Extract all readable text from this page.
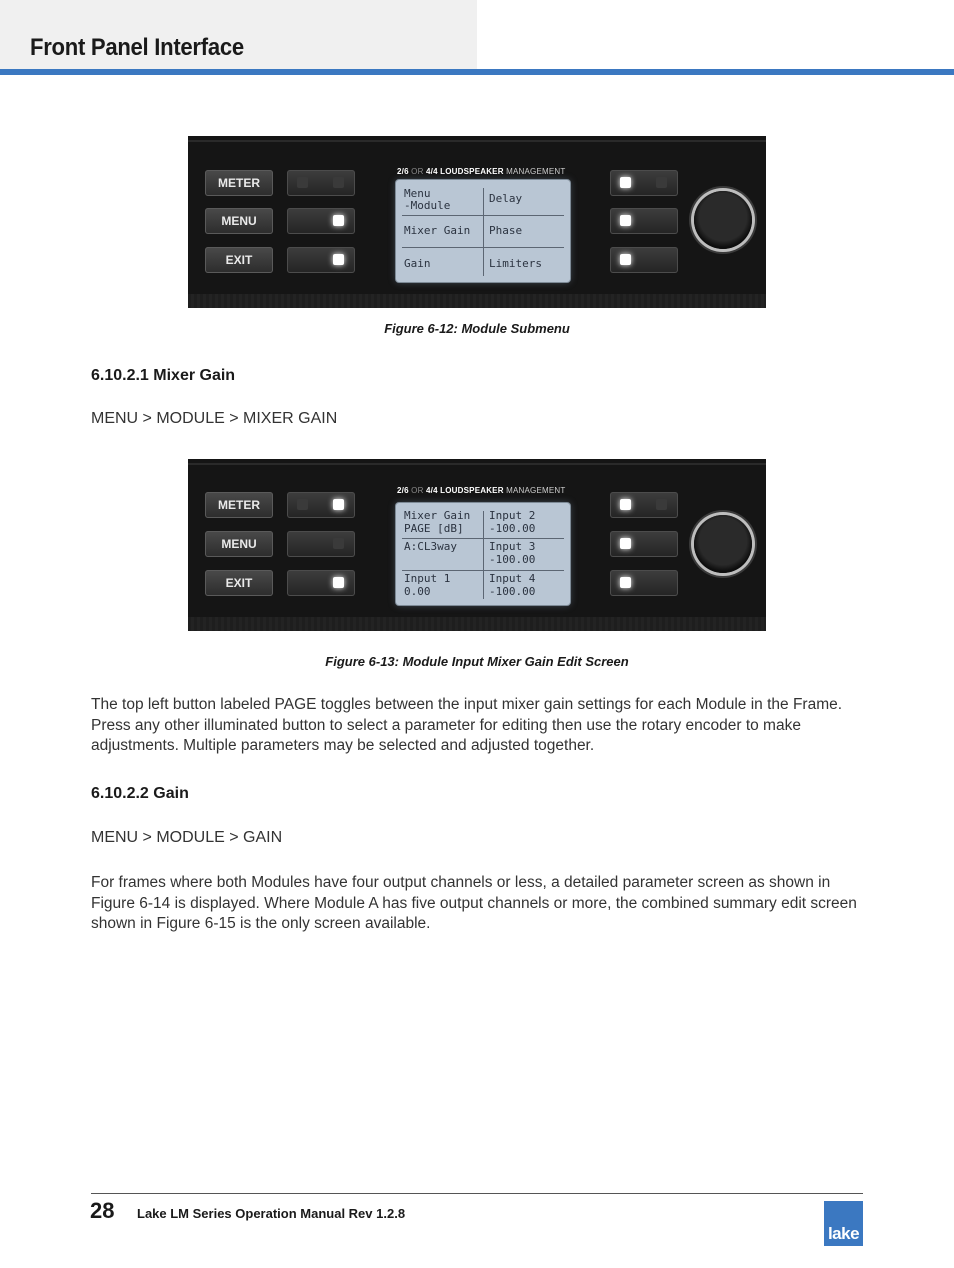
Front Panel Interface
METER
MENU
EXIT
2/6 OR 4/4 LOUDSPEAKER MANAGEMENT
Menu
-Module
Delay
Mixer Gain Phase
Gain	Limiters
Figure 6-12: Module Submenu
6.10.2.1 Mixer Gain
MENU > MODULE > MIXER GAIN
METER
MENU
EXIT
2/6 OR 4/4 LOUDSPEAKER MANAGEMENT
Mixer Gain
PAGE [dB]
Input 2
-100.00
A:CL3way	Input 3
-100.00
Input 1
0.00
Input 4
-100.00
Figure 6-13: Module Input Mixer Gain Edit Screen
The top left button labeled PAGE toggles between the input mixer gain settings for each Module in the Frame. Press any other illuminated button to select a parameter for editing then use the rotary encoder to make adjustments. Multiple parameters may be selected and adjusted together.
6.10.2.2 Gain
MENU > MODULE > GAIN
For frames where both Modules have four output channels or less, a detailed parameter screen as shown in Figure 6-14 is displayed. Where Module A has five output channels or more, the combined summary edit screen shown in Figure 6-15 is the only screen available.
28 Lake LM Series Operation Manual Rev 1.2.8
lake
